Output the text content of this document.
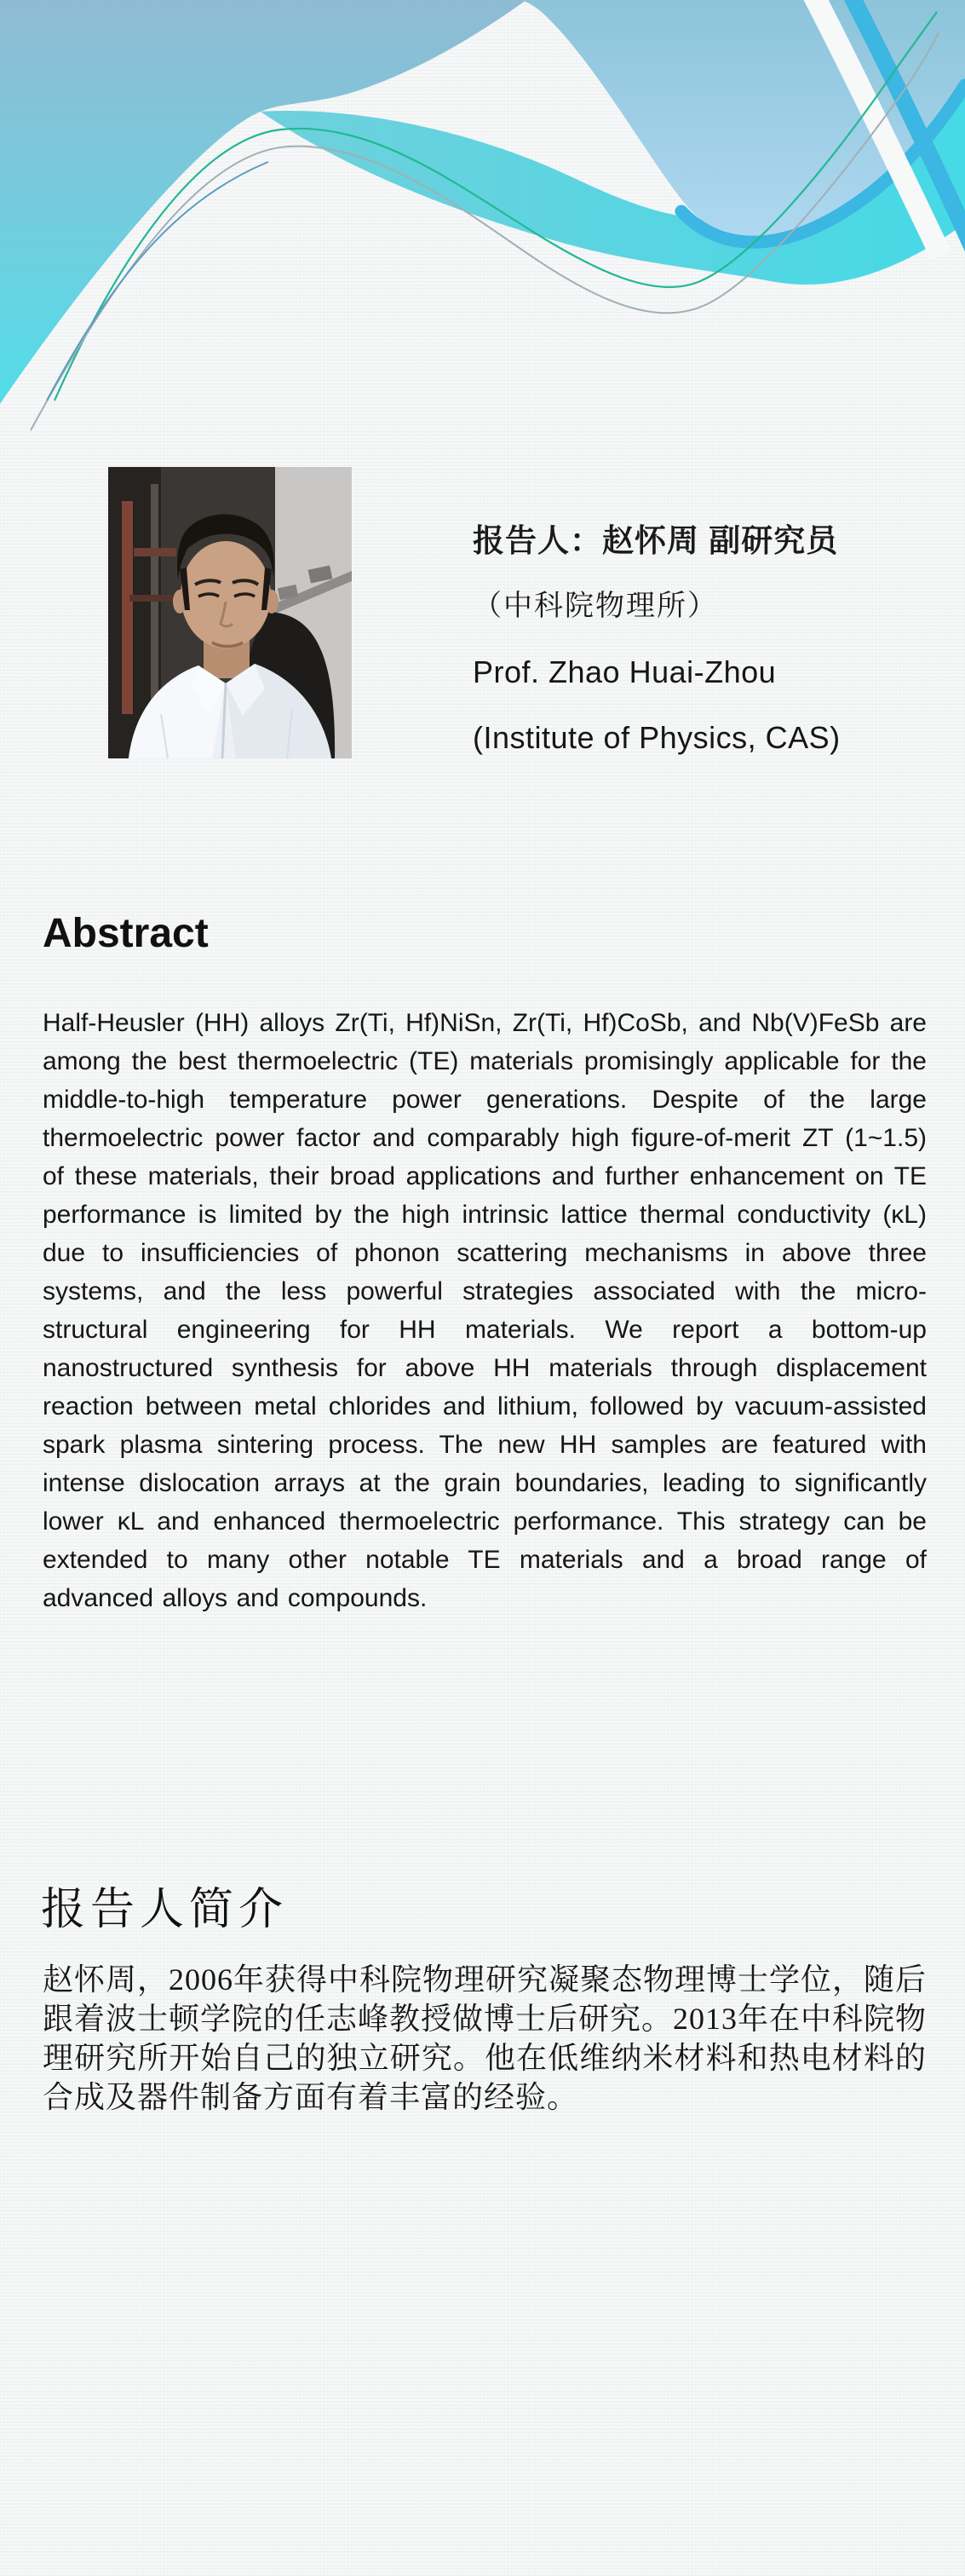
报告人：赵怀周 副研究员
（中科院物理所）
Prof. Zhao Huai-Zhou
(Institute of Physics, CAS)
Abstract

Half-Heusler (HH) alloys Zr(Ti, Hf)NiSn, Zr(Ti, Hf)CoSb, and Nb(V)FeSb are among the best thermoelectric (TE) materials promisingly applicable for the middle-to-high temperature power generations. Despite of the large thermoelectric power factor and comparably high figure-of-merit ZT (1~1.5) of these materials, their broad applications and further enhancement on TE performance is limited by the high intrinsic lattice thermal conductivity (κL) due to insufficiencies of phonon scattering mechanisms in above three systems, and the less powerful strategies associated with the micro-structural engineering for HH materials. We report a bottom-up nanostructured synthesis for above HH materials through displacement reaction between metal chlorides and lithium, followed by vacuum-assisted spark plasma sintering process. The new HH samples are featured with intense dislocation arrays at the grain boundaries, leading to significantly lower κL and enhanced thermoelectric performance. This strategy can be extended to many other notable TE materials and a broad range of advanced alloys and compounds.

报告人简介

赵怀周，2006年获得中科院物理研究凝聚态物理博士学位，随后跟着波士顿学院的任志峰教授做博士后研究。2013年在中科院物理研究所开始自己的独立研究。他在低维纳米材料和热电材料的合成及器件制备方面有着丰富的经验。
